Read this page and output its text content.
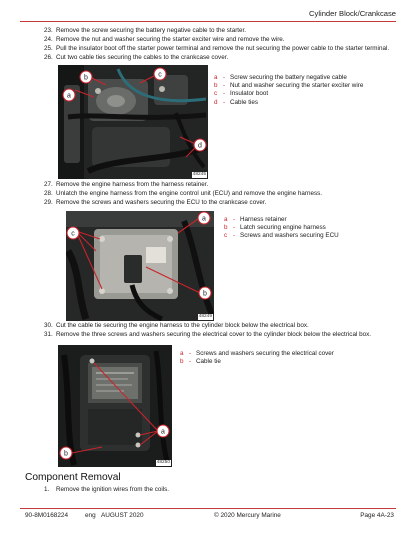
Cylinder Block/Crankcase
23. Remove the screw securing the battery negative cable to the starter.
24. Remove the nut and washer securing the starter exciter wire and remove the wire.
25. Pull the insulator boot off the starter power terminal and remove the nut securing the power cable to the starter terminal.
26. Cut two cable ties securing the cables to the crankcase cover.
a
b	c
d
48245
a - Screw securing the battery negative cable
b - Nut and washer securing the starter exciter wire
c - Insulator boot
d - Cable ties
27. Remove the engine harness from the harness retainer.
28. Unlatch the engine harness from the engine control unit (ECU) and remove the engine harness.
29. Remove the screws and washers securing the ECU to the crankcase cover.
a
c
b
48249
a - Harness retainer
b - Latch securing engine harness
c - Screws and washers securing ECU
30. Cut the cable tie securing the engine harness to the cylinder block below the electrical box.
31. Remove the three screws and washers securing the electrical cover to the cylinder block below the electrical box.
a
b
48250
a - Screws and washers securing the electrical cover
b - Cable tie
Component Removal
1.	Remove the ignition wires from the coils.
90-8M0168224	eng AUGUST 2020	© 2020 Mercury Marine	Page 4A-23
